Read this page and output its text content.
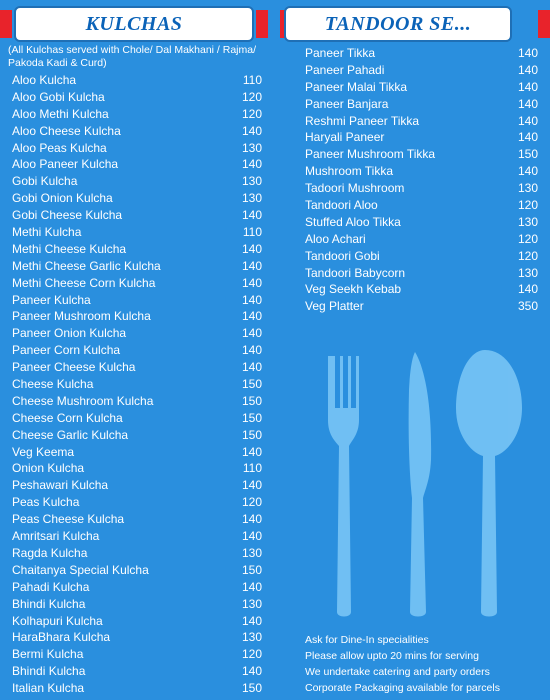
KULCHAS
(All Kulchas served with Chole/ Dal Makhani / Rajma/ Pakoda Kadi & Curd)
Aloo Kulcha	110
Aloo Gobi Kulcha	120
Aloo Methi Kulcha	120
Aloo Cheese Kulcha	140
Aloo Peas Kulcha	130
Aloo Paneer Kulcha	140
Gobi Kulcha	130
Gobi Onion Kulcha	130
Gobi Cheese Kulcha	140
Methi Kulcha	110
Methi Cheese Kulcha	140
Methi Cheese Garlic Kulcha	140
Methi Cheese Corn Kulcha	140
Paneer Kulcha	140
Paneer Mushroom Kulcha	140
Paneer Onion Kulcha	140
Paneer Corn Kulcha	140
Paneer Cheese Kulcha	140
Cheese Kulcha	150
Cheese Mushroom Kulcha	150
Cheese Corn Kulcha	150
Cheese Garlic Kulcha	150
Veg Keema	140
Onion Kulcha	110
Peshawari Kulcha	140
Peas Kulcha	120
Peas Cheese Kulcha	140
Amritsari Kulcha	140
Ragda Kulcha	130
Chaitanya Special Kulcha	150
Pahadi Kulcha	140
Bhindi Kulcha	130
Kolhapuri Kulcha	140
HaraBhara Kulcha	130
Bermi Kulcha	120
Bhindi Kulcha	140
Italian Kulcha	150
TANDOOR SE...
Paneer Tikka	140
Paneer Pahadi	140
Paneer Malai Tikka	140
Paneer Banjara	140
Reshmi Paneer Tikka	140
Haryali Paneer	140
Paneer Mushroom Tikka	150
Mushroom Tikka	140
Tadoori Mushroom	130
Tandoori Aloo	120
Stuffed Aloo Tikka	130
Aloo Achari	120
Tandoori Gobi	120
Tandoori Babycorn	130
Veg Seekh Kebab	140
Veg Platter	350
Ask for Dine-In specialities
Please allow upto 20 mins for serving
We undertake catering and party orders
Corporate Packaging available for parcels
